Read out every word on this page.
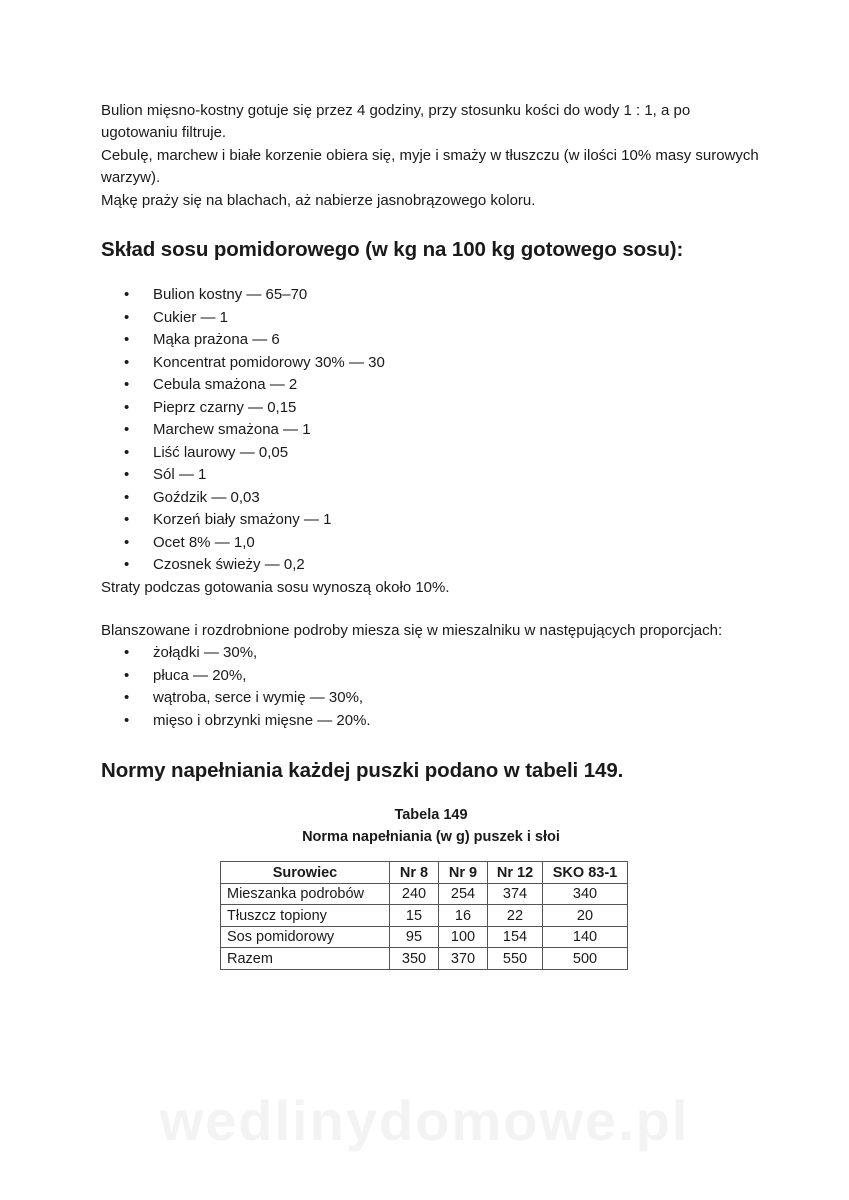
Bulion mięsno-kostny gotuje się przez 4 godziny, przy stosunku kości do wody 1 : 1, a po ugotowaniu filtruje.

Cebulę, marchew i białe korzenie obiera się, myje i smaży w tłuszczu (w ilości 10% masy surowych warzyw).

Mąkę praży się na blachach, aż nabierze jasnobrązowego koloru.

Skład sosu pomidorowego (w kg na 100 kg gotowego sosu):
• Bulion kostny — 65–70
• Cukier — 1
• Mąka prażona — 6
• Koncentrat pomidorowy 30% — 30
• Cebula smażona — 2
• Pieprz czarny — 0,15
• Marchew smażona — 1
• Liść laurowy — 0,05
• Sól — 1
• Goździk — 0,03
• Korzeń biały smażony — 1
• Ocet 8% — 1,0
• Czosnek świeży — 0,2

Straty podczas gotowania sosu wynoszą około 10%.

Blanszowane i rozdrobnione podroby miesza się w mieszalniku w następujących proporcjach:

• żołądki — 30%,
• płuca — 20%,
• wątroba, serce i wymię — 30%,
• mięso i obrzynki mięsne — 20%.
Normy napełniania każdej puszki podano w tabeli 149.
Tabela 149
Norma napełniania (w g) puszek i słoi
Surowiec	Nr 8	Nr 9	Nr 12	SKO 83-1
Mieszanka podrobów	240	254	374	340
Tłuszcz topiony	15	16	22	20
Sos pomidorowy	95	100	154	140
Razem	350	370	550	500
wedlinydomowe.pl
